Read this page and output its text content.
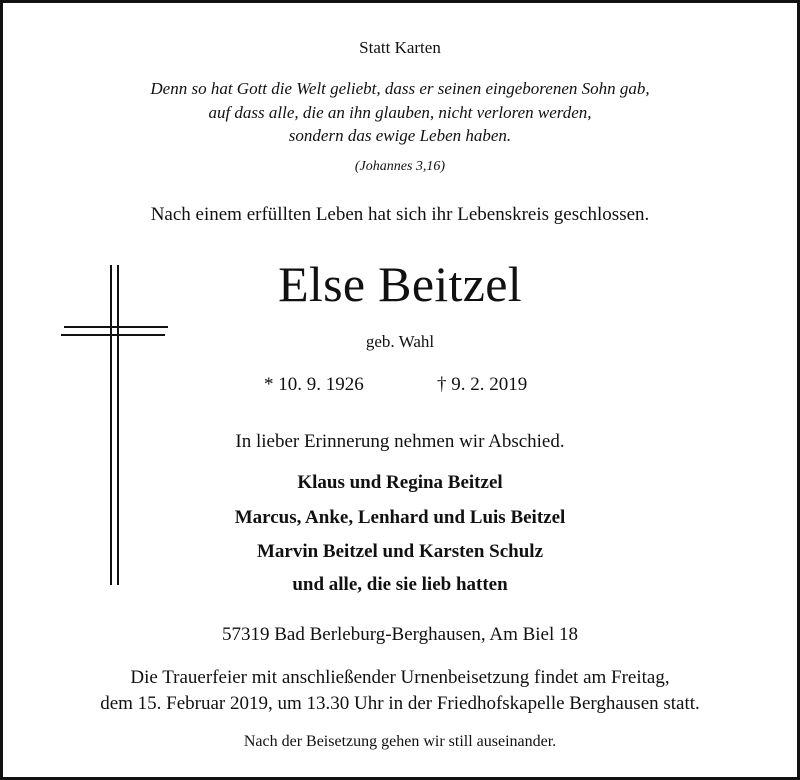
Statt Karten
Denn so hat Gott die Welt geliebt, dass er seinen eingeborenen Sohn gab,
auf dass alle, die an ihn glauben, nicht verloren werden,
sondern das ewige Leben haben.
(Johannes 3,16)
Nach einem erfüllten Leben hat sich ihr Lebenskreis geschlossen.
Else Beitzel
geb. Wahl
* 10. 9. 1926	† 9. 2. 2019
In lieber Erinnerung nehmen wir Abschied.
Klaus und Regina Beitzel
Marcus, Anke, Lenhard und Luis Beitzel
Marvin Beitzel und Karsten Schulz
und alle, die sie lieb hatten
57319 Bad Berleburg-Berghausen, Am Biel 18
Die Trauerfeier mit anschließender Urnenbeisetzung findet am Freitag,
dem 15. Februar 2019, um 13.30 Uhr in der Friedhofskapelle Berghausen statt.
Nach der Beisetzung gehen wir still auseinander.
